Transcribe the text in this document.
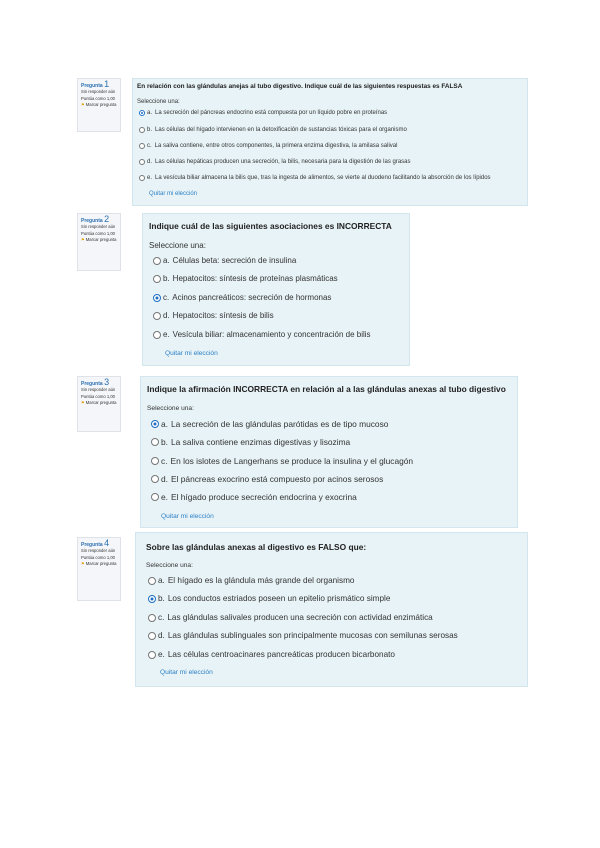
Pregunta 1
Sin responder aún
Puntúa como 1,00
⚑Marcar pregunta
En relación con las glándulas anejas al tubo digestivo. Indique cuál de las siguientes respuestas es FALSA
Seleccione una:
a. La secreción del páncreas endocrino está compuesta por un líquido pobre en proteínas
b. Las células del hígado intervienen en la detoxificación de sustancias tóxicas para el organismo
c. La saliva contiene, entre otros componentes, la primera enzima digestiva, la amilasa salival
d. Las células hepáticas producen una secreción, la bilis, necesaria para la digestión de las grasas
e. La vesícula biliar almacena la bilis que, tras la ingesta de alimentos, se vierte al duodeno facilitando la absorción de los lípidos
Quitar mi elección
Pregunta 2
Sin responder aún
Puntúa como 1,00
⚑Marcar pregunta
Indique cuál de las siguientes asociaciones es INCORRECTA
Seleccione una:
a. Células beta: secreción de insulina
b. Hepatocitos: síntesis de proteínas plasmáticas
c. Acinos pancreáticos: secreción de hormonas
d. Hepatocitos: síntesis de bilis
e. Vesícula biliar: almacenamiento y concentración de bilis
Quitar mi elección
Pregunta 3
Sin responder aún
Puntúa como 1,00
⚑Marcar pregunta
Indique la afirmación INCORRECTA en relación al a las glándulas anexas al tubo digestivo
Seleccione una:
a. La secreción de las glándulas parótidas es de tipo mucoso
b. La saliva contiene enzimas digestivas y lisozima
c. En los islotes de Langerhans se produce la insulina y el glucagón
d. El páncreas exocrino está compuesto por acinos serosos
e. El hígado produce secreción endocrina y exocrina
Quitar mi elección
Pregunta 4
Sin responder aún
Puntúa como 1,00
⚑Marcar pregunta
Sobre las glándulas anexas al digestivo es FALSO que:
Seleccione una:
a. El hígado es la glándula más grande del organismo
b. Los conductos estriados poseen un epitelio prismático simple
c. Las glándulas salivales producen una secreción con actividad enzimática
d. Las glándulas sublinguales son principalmente mucosas con semilunas serosas
e. Las células centroacinares pancreáticas producen bicarbonato
Quitar mi elección
